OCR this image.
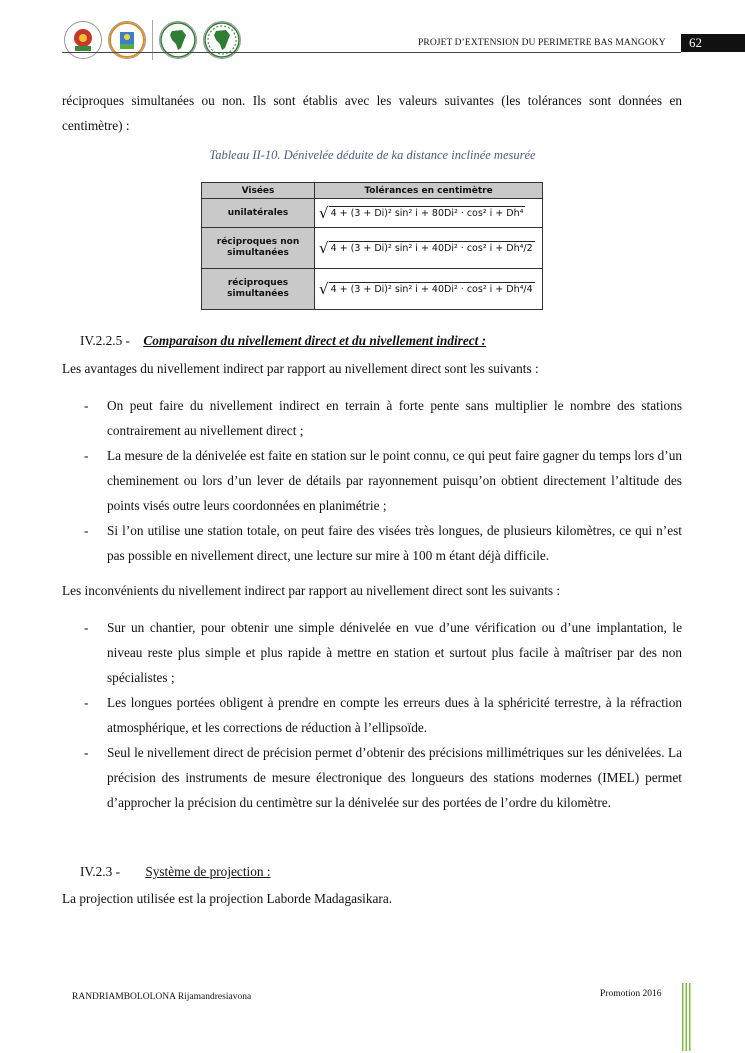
PROJET D’EXTENSION DU PERIMETRE BAS MANGOKY	62

réciproques simultanées ou non. Ils sont établis avec les valeurs suivantes (les tolérances sont données en centimètre) :

Tableau II-10. Dénivelée déduite de ka distance inclinée mesurée
Visées	Tolérances en centimètre
unilatérales	√ 4 + (3 + Di)² sin² i + 80Di² · cos² i + Dh⁴
réciproques non simultanées	√ 4 + (3 + Di)² sin² i + 40Di² · cos² i + Dh⁴/2
réciproques simultanées	√ 4 + (3 + Di)² sin² i + 40Di² · cos² i + Dh⁴/4
IV.2.2.5 - Comparaison du nivellement direct et du nivellement indirect :

Les avantages du nivellement indirect par rapport au nivellement direct sont les suivants :

- On peut faire du nivellement indirect en terrain à forte pente sans multiplier le nombre des stations contrairement au nivellement direct ;
- La mesure de la dénivelée est faite en station sur le point connu, ce qui peut faire gagner du temps lors d’un cheminement ou lors d’un lever de détails par rayonnement puisqu’on obtient directement l’altitude des points visés outre leurs coordonnées en planimétrie ;
- Si l’on utilise une station totale, on peut faire des visées très longues, de plusieurs kilomètres, ce qui n’est pas possible en nivellement direct, une lecture sur mire à 100 m étant déjà difficile.

Les inconvénients du nivellement indirect par rapport au nivellement direct sont les suivants :

- Sur un chantier, pour obtenir une simple dénivelée en vue d’une vérification ou d’une implantation, le niveau reste plus simple et plus rapide à mettre en station et surtout plus facile à maîtriser par des non spécialistes ;
- Les longues portées obligent à prendre en compte les erreurs dues à la sphéricité terrestre, à la réfraction atmosphérique, et les corrections de réduction à l’ellipsoïde.
- Seul le nivellement direct de précision permet d’obtenir des précisions millimétriques sur les dénivelées. La précision des instruments de mesure électronique des longueurs des stations modernes (IMEL) permet d’approcher la précision du centimètre sur la dénivelée sur des portées de l’ordre du kilomètre.
IV.2.3 - Système de projection :

La projection utilisée est la projection Laborde Madagasikara.

RANDRIAMBOLOLONA Rijamandresiavona	Promotion 2016
